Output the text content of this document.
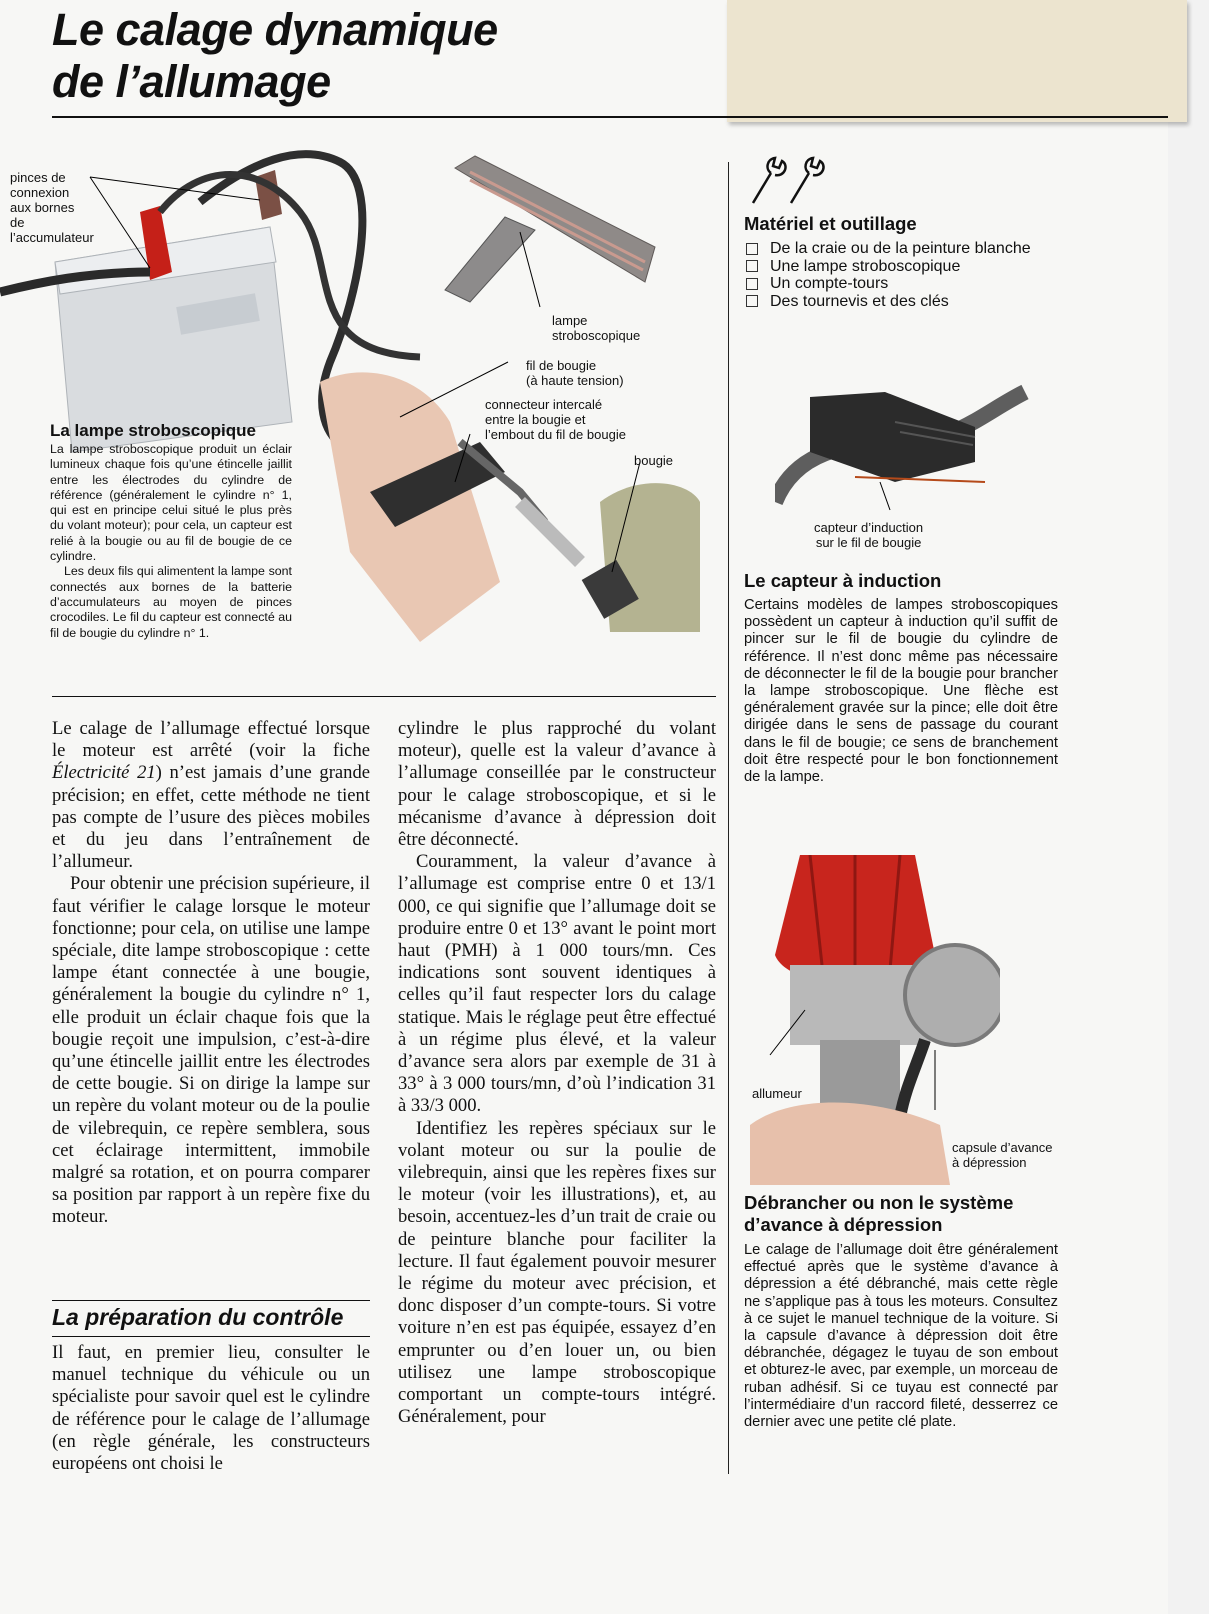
Le calage dynamique
de l’allumage
pinces de
connexion
aux bornes
de
l’accumulateur
lampe
stroboscopique
fil de bougie
(à haute tension)
connecteur intercalé
entre la bougie et
l’embout du fil de bougie
bougie
La lampe stroboscopique
La lampe stroboscopique produit un éclair lumineux chaque fois qu’une étincelle jaillit entre les électrodes du cylindre de référence (généralement le cylindre n° 1, qui est en principe celui situé le plus près du volant moteur); pour cela, un capteur est relié à la bougie ou au fil de bougie de ce cylindre.
Les deux fils qui alimentent la lampe sont connectés aux bornes de la batterie d’accumulateurs au moyen de pinces crocodiles. Le fil du capteur est connecté au fil de bougie du cylindre n° 1.
Matériel et outillage
De la craie ou de la peinture blanche
Une lampe stroboscopique
Un compte-tours
Des tournevis et des clés
capteur d’induction
sur le fil de bougie
Le capteur à induction
Certains modèles de lampes stroboscopiques possèdent un capteur à induction qu’il suffit de pincer sur le fil de bougie du cylindre de référence. Il n’est donc même pas nécessaire de déconnecter le fil de la bougie pour brancher la lampe stroboscopique. Une flèche est généralement gravée sur la pince; elle doit être dirigée dans le sens de passage du courant dans le fil de bougie; ce sens de branchement doit être respecté pour le bon fonctionnement de la lampe.
allumeur
capsule d’avance
à dépression
Débrancher ou non le système
d’avance à dépression
Le calage de l’allumage doit être généralement effectué après que le système d’avance à dépression a été débranché, mais cette règle ne s’applique pas à tous les moteurs. Consultez à ce sujet le manuel technique de la voiture. Si la capsule d’avance à dépression doit être débranchée, dégagez le tuyau de son embout et obturez-le avec, par exemple, un morceau de ruban adhésif. Si ce tuyau est connecté par l’intermédiaire d’un raccord fileté, desserrez ce dernier avec une petite clé plate.

Le calage de l’allumage effectué lorsque le moteur est arrêté (voir la fiche Électricité 21) n’est jamais d’une grande précision; en effet, cette méthode ne tient pas compte de l’usure des pièces mobiles et du jeu dans l’entraînement de l’allumeur.

Pour obtenir une précision supérieure, il faut vérifier le calage lorsque le moteur fonctionne; pour cela, on utilise une lampe spéciale, dite lampe stroboscopique : cette lampe étant connectée à une bougie, généralement la bougie du cylindre n° 1, elle produit un éclair chaque fois que la bougie reçoit une impulsion, c’est-à-dire qu’une étincelle jaillit entre les électrodes de cette bougie. Si on dirige la lampe sur un repère du volant moteur ou de la poulie de vilebrequin, ce repère semblera, sous cet éclairage intermittent, immobile malgré sa rotation, et on pourra comparer sa position par rapport à un repère fixe du moteur.

La préparation du contrôle

Il faut, en premier lieu, consulter le manuel technique du véhicule ou un spécialiste pour savoir quel est le cylindre de référence pour le calage de l’allumage (en règle générale, les constructeurs européens ont choisi le

cylindre le plus rapproché du volant moteur), quelle est la valeur d’avance à l’allumage conseillée par le constructeur pour le calage stroboscopique, et si le mécanisme d’avance à dépression doit être déconnecté.

Couramment, la valeur d’avance à l’allumage est comprise entre 0 et 13/1 000, ce qui signifie que l’allumage doit se produire entre 0 et 13° avant le point mort haut (PMH) à 1 000 tours/mn. Ces indications sont souvent identiques à celles qu’il faut respecter lors du calage statique. Mais le réglage peut être effectué à un régime plus élevé, et la valeur d’avance sera alors par exemple de 31 à 33° à 3 000 tours/mn, d’où l’indication 31 à 33/3 000.

Identifiez les repères spéciaux sur le volant moteur ou sur la poulie de vilebrequin, ainsi que les repères fixes sur le moteur (voir les illustrations), et, au besoin, accentuez-les d’un trait de craie ou de peinture blanche pour faciliter la lecture. Il faut également pouvoir mesurer le régime du moteur avec précision, et donc disposer d’un compte-tours. Si votre voiture n’en est pas équipée, essayez d’en emprunter ou d’en louer un, ou bien utilisez une lampe stroboscopique comportant un compte-tours intégré. Généralement, pour
